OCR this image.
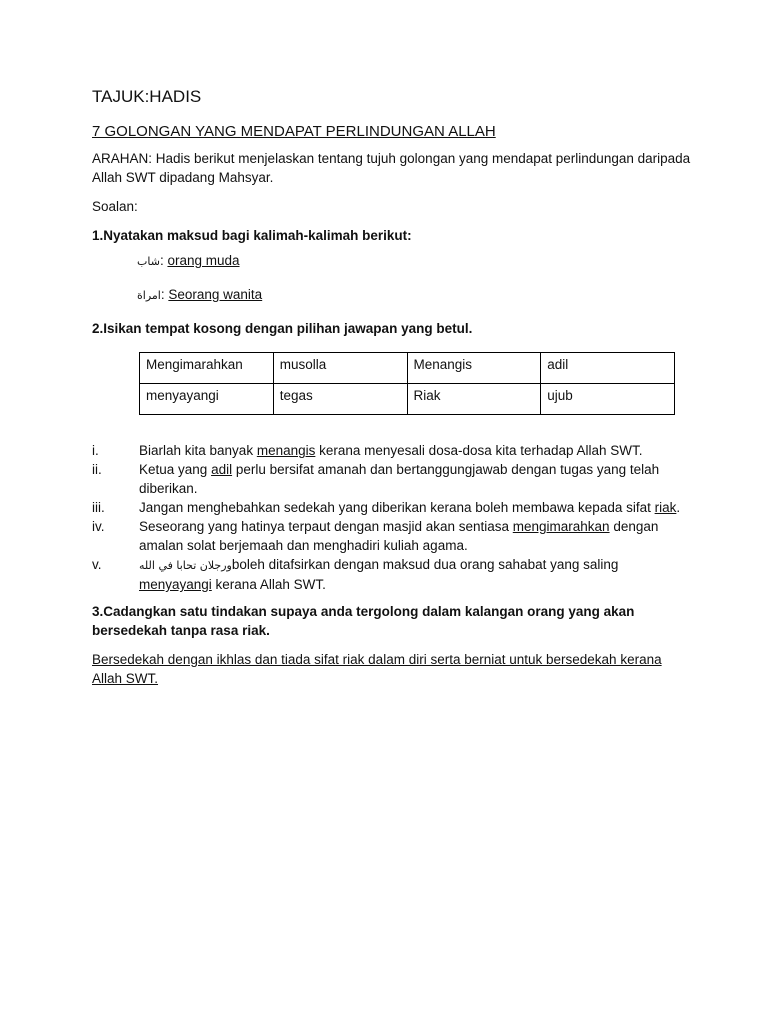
TAJUK:HADIS
7 GOLONGAN YANG MENDAPAT PERLINDUNGAN ALLAH

ARAHAN: Hadis berikut menjelaskan tentang tujuh golongan yang mendapat perlindungan daripada Allah SWT dipadang Mahsyar.

Soalan:

1.Nyatakan maksud bagi kalimah-kalimah berikut:

شاب: orang muda
امراة: Seorang wanita

2.Isikan tempat kosong dengan pilihan jawapan yang betul.

Mengimarahkan	musolla	Menangis	adil
menyayangi	tegas	Riak	ujub
i.	Biarlah kita banyak menangis kerana menyesali dosa-dosa kita terhadap Allah SWT.
ii.	Ketua yang adil perlu bersifat amanah dan bertanggungjawab dengan tugas yang telah diberikan.
iii.	Jangan menghebahkan sedekah yang diberikan kerana boleh membawa kepada sifat riak.
iv.	Seseorang yang hatinya terpaut dengan masjid akan sentiasa mengimarahkan dengan amalan solat berjemaah dan menghadiri kuliah agama.
v.	ورجلان تحابا في اللهboleh ditafsirkan dengan maksud dua orang sahabat yang saling menyayangi kerana Allah SWT.

3.Cadangkan satu tindakan supaya anda tergolong dalam kalangan orang yang akan bersedekah tanpa rasa riak.

Bersedekah dengan ikhlas dan tiada sifat riak dalam diri serta berniat untuk bersedekah kerana Allah SWT.
